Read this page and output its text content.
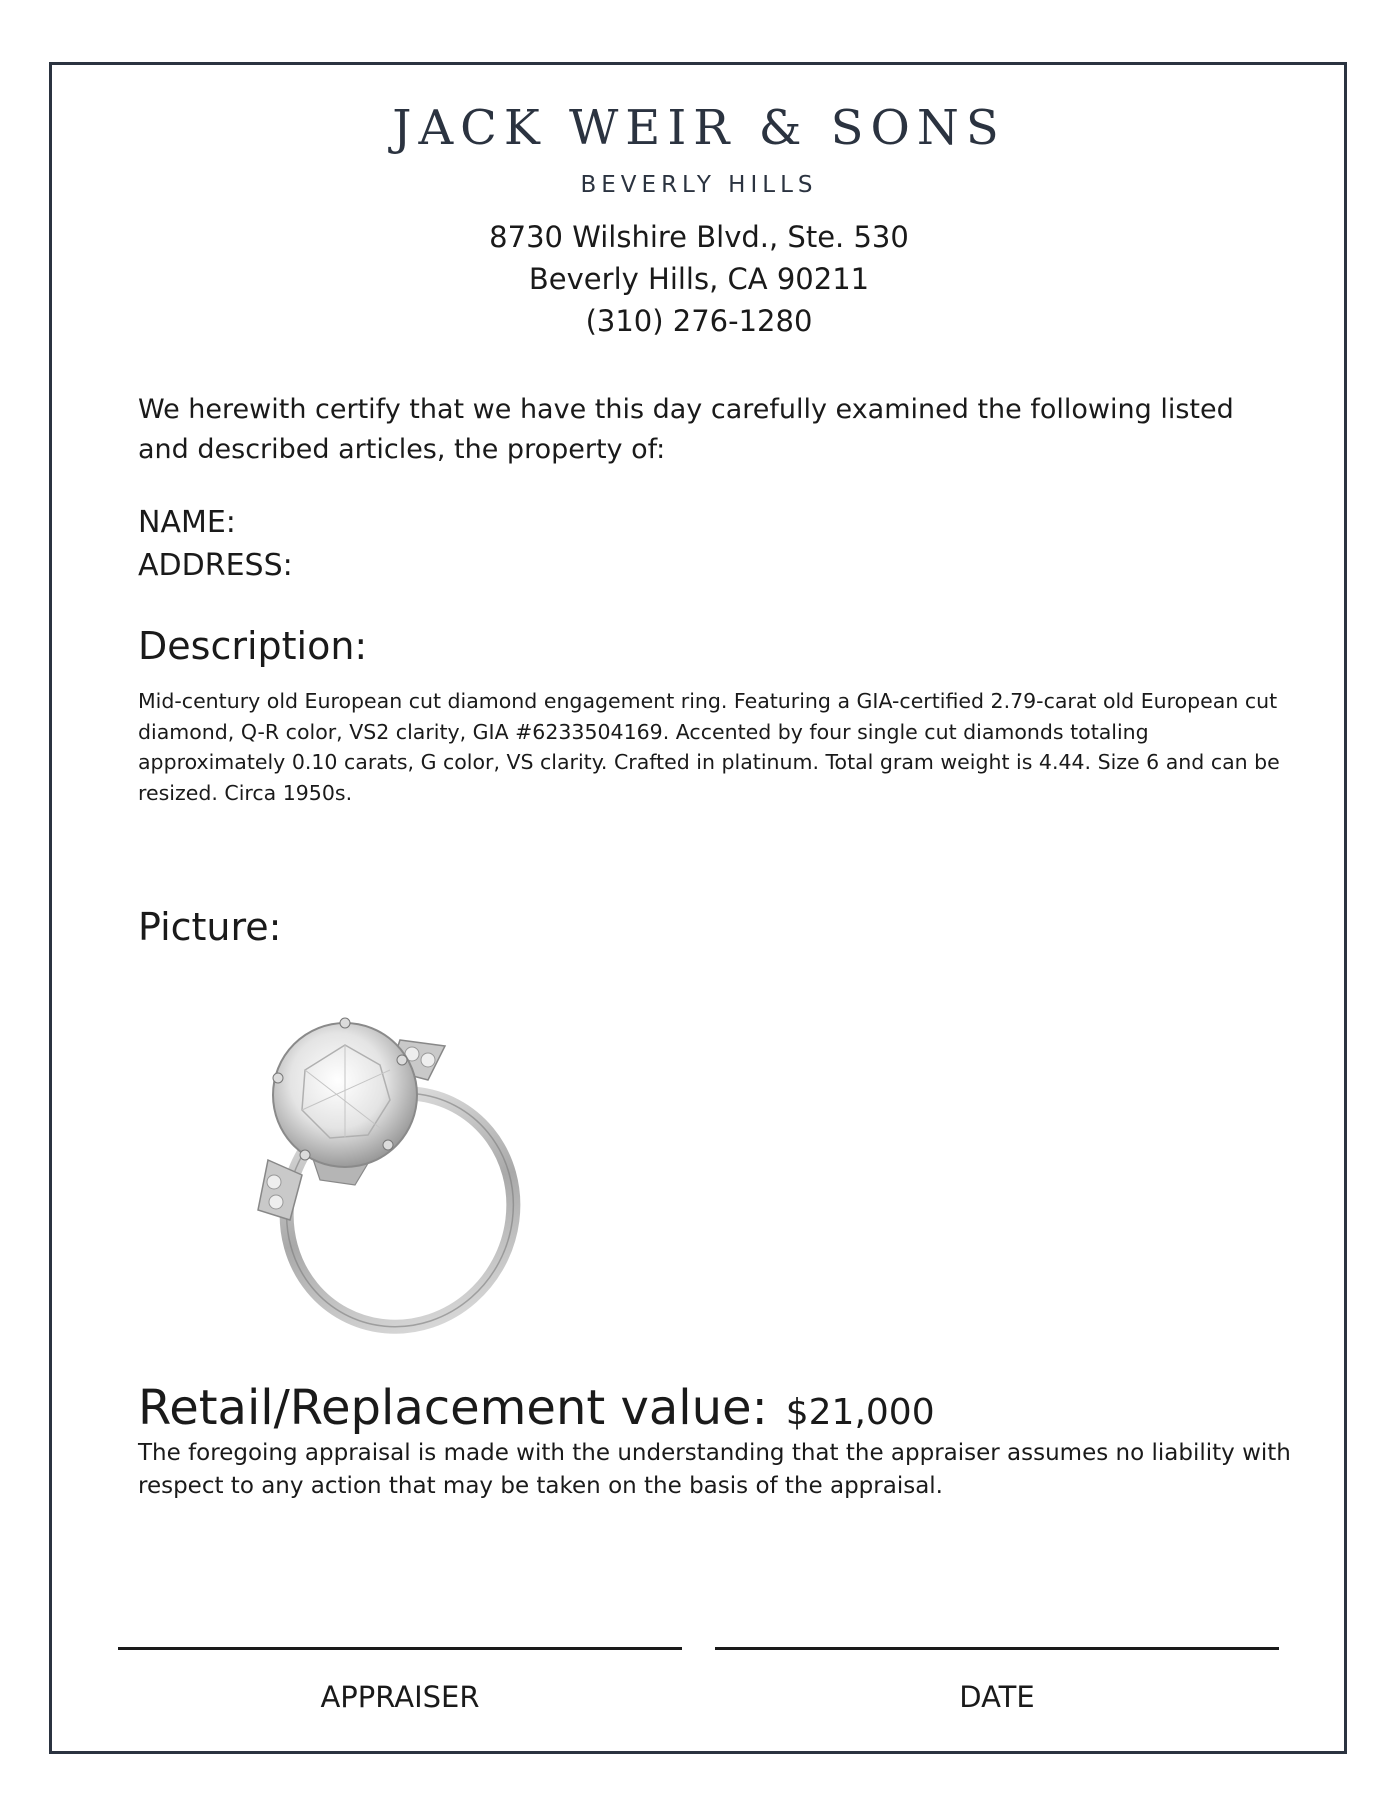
JACK WEIR & SONS
BEVERLY HILLS
8730 Wilshire Blvd., Ste. 530
Beverly Hills, CA 90211
(310) 276-1280
We herewith certify that we have this day carefully examined the following listed and described articles, the property of:
NAME:
ADDRESS:
Description:
Mid-century old European cut diamond engagement ring. Featuring a GIA-certified 2.79-carat old European cut diamond, Q-R color, VS2 clarity, GIA #6233504169. Accented by four single cut diamonds totaling approximately 0.10 carats, G color, VS clarity. Crafted in platinum. Total gram weight is 4.44. Size 6 and can be resized. Circa 1950s.
Picture:
Retail/Replacement value: $21,000
The foregoing appraisal is made with the understanding that the appraiser assumes no liability with respect to any action that may be taken on the basis of the appraisal.
APPRAISER	DATE
